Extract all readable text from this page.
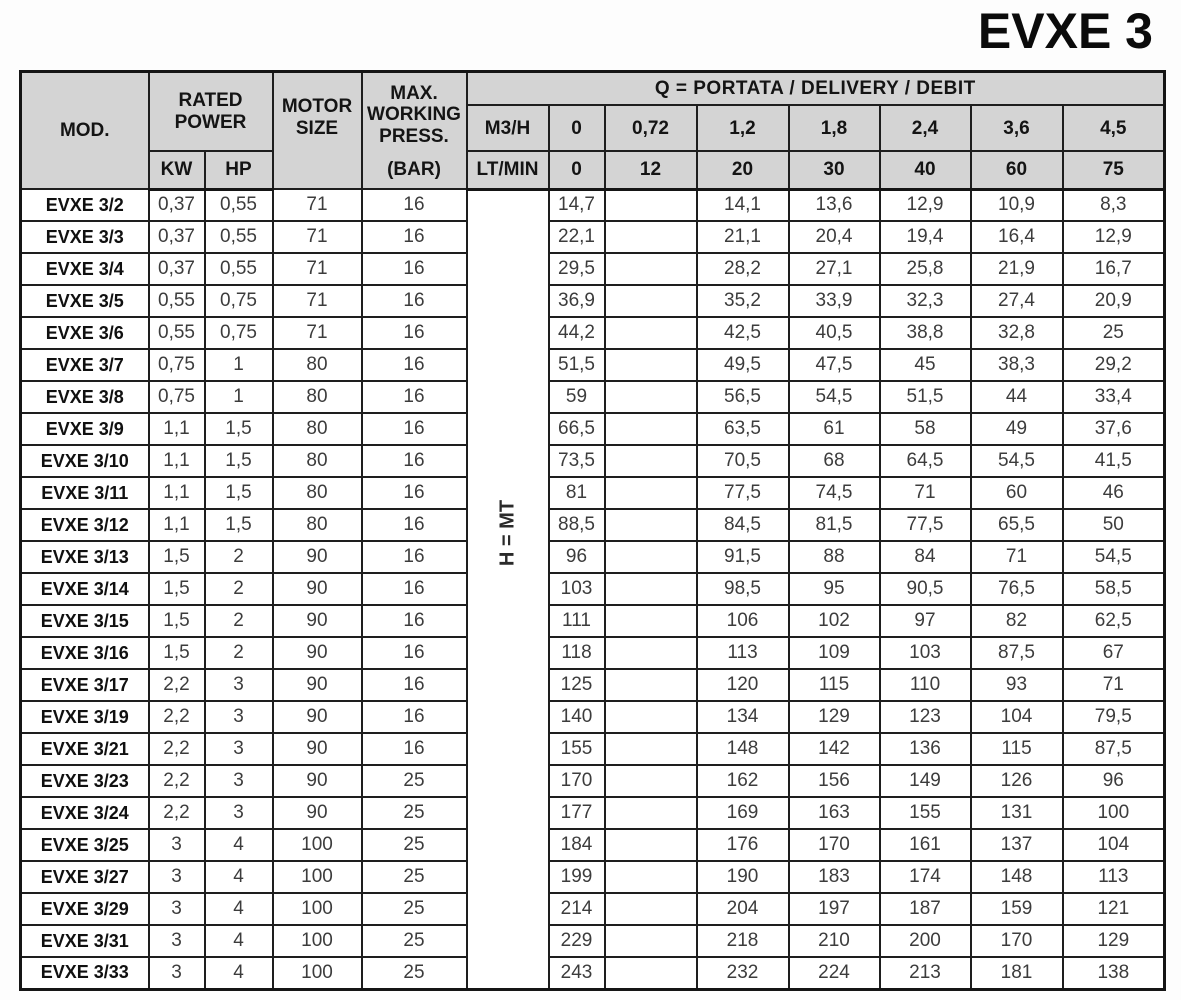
EVXE 3
MOD.	RATED POWER		MOTOR SIZE	MAX.
WORKING
PRESS.
(BAR)	Q = PORTATA / DELIVERY / DEBIT							
					M3/H	0	0,72	1,2	1,8	2,4	3,6	4,5
	KW	HP			LT/MIN	0	12	20	30	40	60	75
EVXE 3/2	0,37	0,55	71	16	H = MT	14,7		14,1	13,6	12,9	10,9	8,3
EVXE 3/3	0,37	0,55	71	16		22,1		21,1	20,4	19,4	16,4	12,9
EVXE 3/4	0,37	0,55	71	16		29,5		28,2	27,1	25,8	21,9	16,7
EVXE 3/5	0,55	0,75	71	16		36,9		35,2	33,9	32,3	27,4	20,9
EVXE 3/6	0,55	0,75	71	16		44,2		42,5	40,5	38,8	32,8	25
EVXE 3/7	0,75	1	80	16		51,5		49,5	47,5	45	38,3	29,2
EVXE 3/8	0,75	1	80	16		59		56,5	54,5	51,5	44	33,4
EVXE 3/9	1,1	1,5	80	16		66,5		63,5	61	58	49	37,6
EVXE 3/10	1,1	1,5	80	16		73,5		70,5	68	64,5	54,5	41,5
EVXE 3/11	1,1	1,5	80	16		81		77,5	74,5	71	60	46
EVXE 3/12	1,1	1,5	80	16		88,5		84,5	81,5	77,5	65,5	50
EVXE 3/13	1,5	2	90	16		96		91,5	88	84	71	54,5
EVXE 3/14	1,5	2	90	16		103		98,5	95	90,5	76,5	58,5
EVXE 3/15	1,5	2	90	16		111		106	102	97	82	62,5
EVXE 3/16	1,5	2	90	16		118		113	109	103	87,5	67
EVXE 3/17	2,2	3	90	16		125		120	115	110	93	71
EVXE 3/19	2,2	3	90	16		140		134	129	123	104	79,5
EVXE 3/21	2,2	3	90	16		155		148	142	136	115	87,5
EVXE 3/23	2,2	3	90	25		170		162	156	149	126	96
EVXE 3/24	2,2	3	90	25		177		169	163	155	131	100
EVXE 3/25	3	4	100	25		184		176	170	161	137	104
EVXE 3/27	3	4	100	25		199		190	183	174	148	113
EVXE 3/29	3	4	100	25		214		204	197	187	159	121
EVXE 3/31	3	4	100	25		229		218	210	200	170	129
EVXE 3/33	3	4	100	25		243		232	224	213	181	138
